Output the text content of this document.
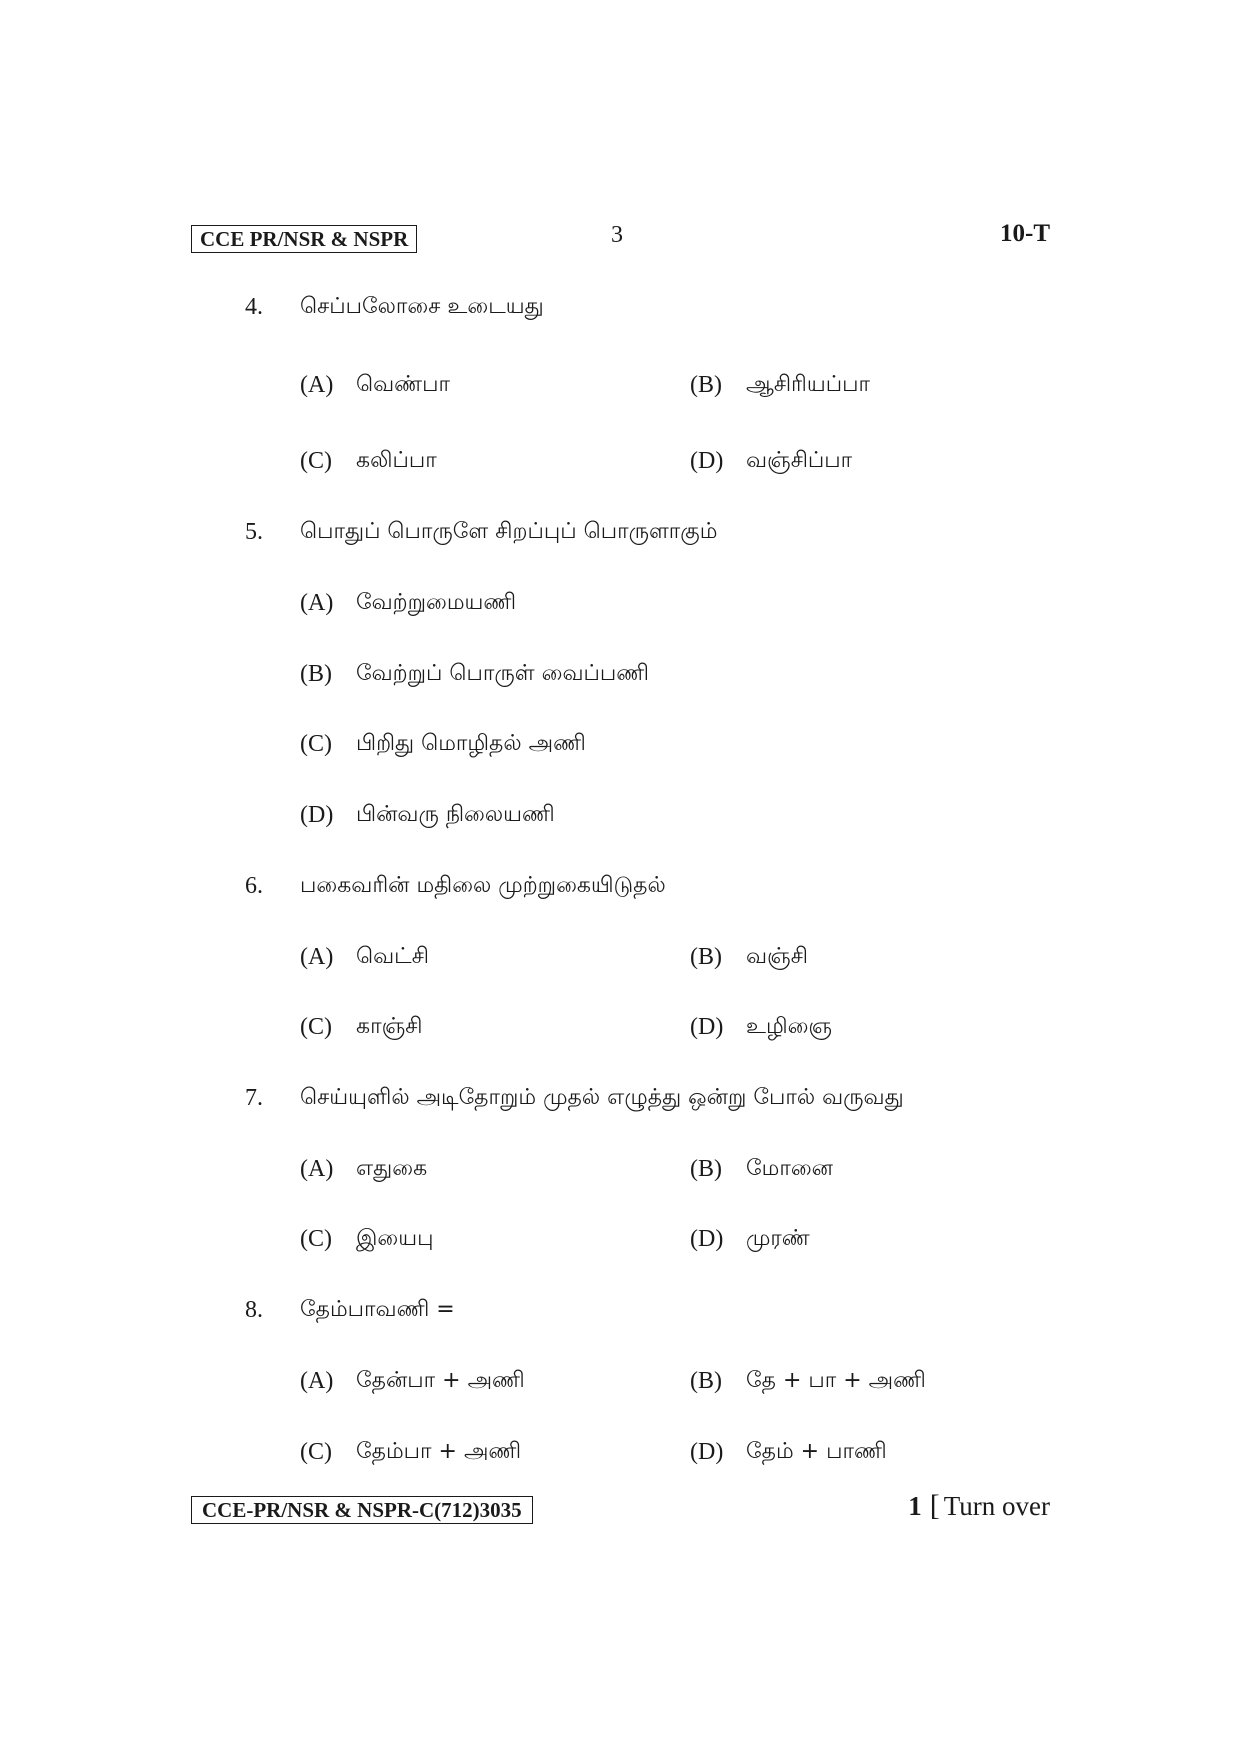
CCE PR/NSR & NSPR	3	10-T
4. செப்பலோசை உடையது
(A) வெண்பா	(B) ஆசிரியப்பா
(C) கலிப்பா	(D) வஞ்சிப்பா
5. பொதுப் பொருளே சிறப்புப் பொருளாகும்
(A) வேற்றுமையணி
(B) வேற்றுப் பொருள் வைப்பணி
(C) பிறிது மொழிதல் அணி
(D) பின்வரு நிலையணி
6. பகைவரின் மதிலை முற்றுகையிடுதல்
(A) வெட்சி	(B) வஞ்சி
(C) காஞ்சி	(D) உழிஞை
7. செய்யுளில் அடிதோறும் முதல் எழுத்து ஒன்று போல் வருவது
(A) எதுகை	(B) மோனை
(C) இயைபு	(D) முரண்
8. தேம்பாவணி =
(A) தேன்பா + அணி	(B) தே + பா + அணி
(C) தேம்பா + அணி	(D) தேம் + பாணி
CCE-PR/NSR & NSPR-C(712)3035	1 [ Turn over
